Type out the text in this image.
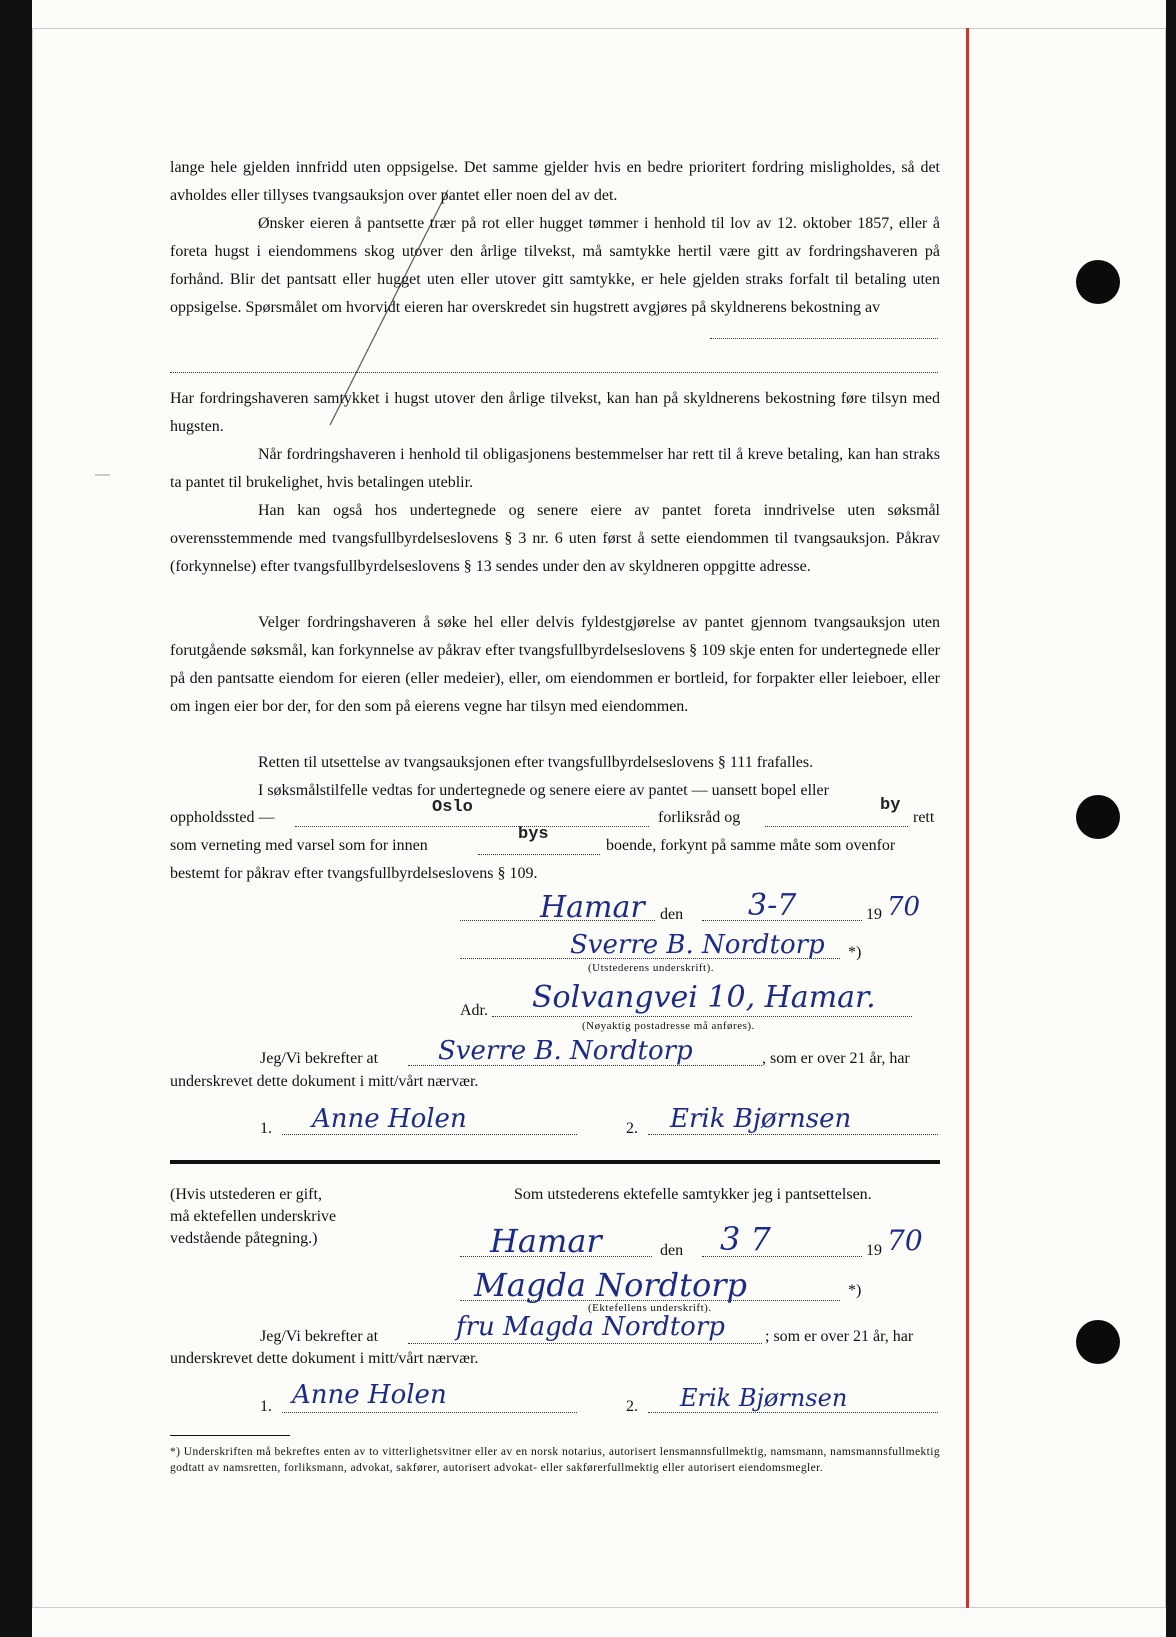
lange hele gjelden innfridd uten oppsigelse. Det samme gjelder hvis en bedre prioritert fordring misligholdes, så det avholdes eller tillyses tvangsauksjon over pantet eller noen del av det.
Ønsker eieren å pantsette trær på rot eller hugget tømmer i henhold til lov av 12. oktober 1857, eller å foreta hugst i eiendommens skog utover den årlige tilvekst, må samtykke hertil være gitt av fordringshaveren på forhånd. Blir det pantsatt eller hugget uten eller utover gitt samtykke, er hele gjelden straks forfalt til betaling uten oppsigelse. Spørsmålet om hvorvidt eieren har overskredet sin hugstrett avgjøres på skyldnerens bekostning av
Har fordringshaveren samtykket i hugst utover den årlige tilvekst, kan han på skyldnerens bekostning føre tilsyn med hugsten.
Når fordringshaveren i henhold til obligasjonens bestemmelser har rett til å kreve betaling, kan han straks ta pantet til brukelighet, hvis betalingen uteblir.
Han kan også hos undertegnede og senere eiere av pantet foreta inndrivelse uten søksmål overensstemmende med tvangsfullbyrdelseslovens § 3 nr. 6 uten først å sette eiendommen til tvangsauksjon. Påkrav (forkynnelse) efter tvangsfullbyrdelseslovens § 13 sendes under den av skyldneren oppgitte adresse.
Velger fordringshaveren å søke hel eller delvis fyldestgjørelse av pantet gjennom tvangsauksjon uten forutgående søksmål, kan forkynnelse av påkrav efter tvangsfullbyrdelseslovens § 109 skje enten for undertegnede eller på den pantsatte eiendom for eieren (eller medeier), eller, om eiendommen er bortleid, for forpakter eller leieboer, eller om ingen eier bor der, for den som på eierens vegne har tilsyn med eiendommen.
Retten til utsettelse av tvangsauksjonen efter tvangsfullbyrdelseslovens § 111 frafalles.
I søksmålstilfelle vedtas for undertegnede og senere eiere av pantet — uansett bopel eller
oppholdssted —
Oslo
forliksråd og
by
rett
som verneting med varsel som for innen
bys
boende, forkynt på samme måte som ovenfor
bestemt for påkrav efter tvangsfullbyrdelseslovens § 109.
Hamar den 3-7	19 70
Sverre B. Nordtorp *)
(Utstederens underskrift).
Adr. Solvangvei 10, Hamar.
(Nøyaktig postadresse må anføres).
Jeg/Vi bekrefter at Sverre B. Nordtorp	, som er over 21 år, har
underskrevet dette dokument i mitt/vårt nærvær.
1. Anne Holen	2. Erik Bjørnsen
(Hvis utstederen er gift,
må ektefellen underskrive
vedstående påtegning.)
Som utstederens ektefelle samtykker jeg i pantsettelsen.
Hamar	den 3 7	19 70
Magda Nordtorp	*)
(Ektefellens underskrift).
Jeg/Vi bekrefter at	fru Magda Nordtorp	; som er over 21 år, har
underskrevet dette dokument i mitt/vårt nærvær.
1. Anne Holen	2. Erik Bjørnsen
*) Underskriften må bekreftes enten av to vitterlighetsvitner eller av en norsk notarius, autorisert lensmannsfullmektig, namsmann, namsmannsfullmektig godtatt av namsretten, forliksmann, advokat, sakfører, autorisert advokat- eller sakførerfullmektig eller autorisert eiendomsmegler.
